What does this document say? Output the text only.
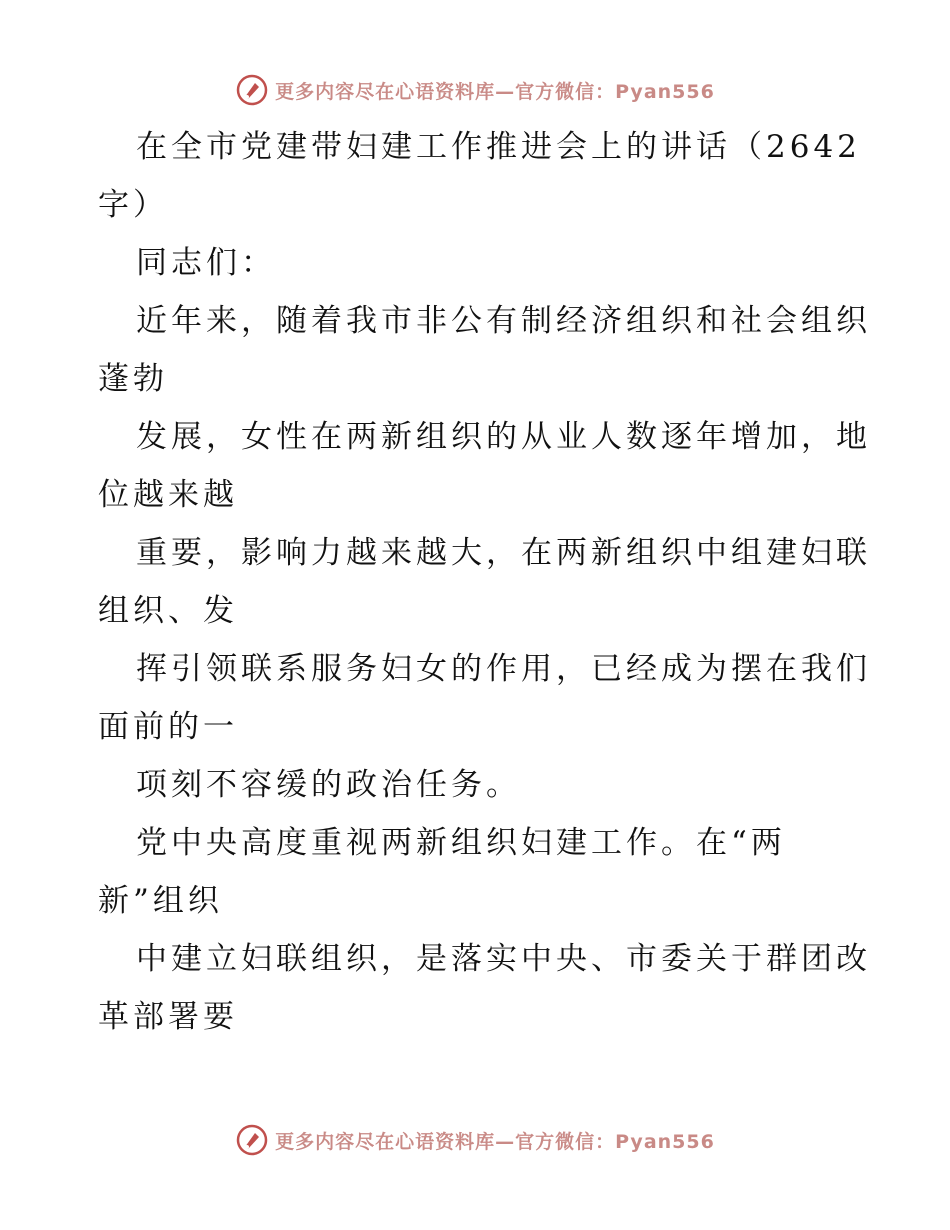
更多内容尽在心语资料库—官方微信：Pyan556
在全市党建带妇建工作推进会上的讲话（2642
字）
同志们：
近年来，随着我市非公有制经济组织和社会组织
蓬勃
发展，女性在两新组织的从业人数逐年增加，地
位越来越
重要，影响力越来越大，在两新组织中组建妇联
组织、发
挥引领联系服务妇女的作用，已经成为摆在我们
面前的一
项刻不容缓的政治任务。
党中央高度重视两新组织妇建工作。在“两
新”组织
中建立妇联组织，是落实中央、市委关于群团改
革部署要
更多内容尽在心语资料库—官方微信：Pyan556
